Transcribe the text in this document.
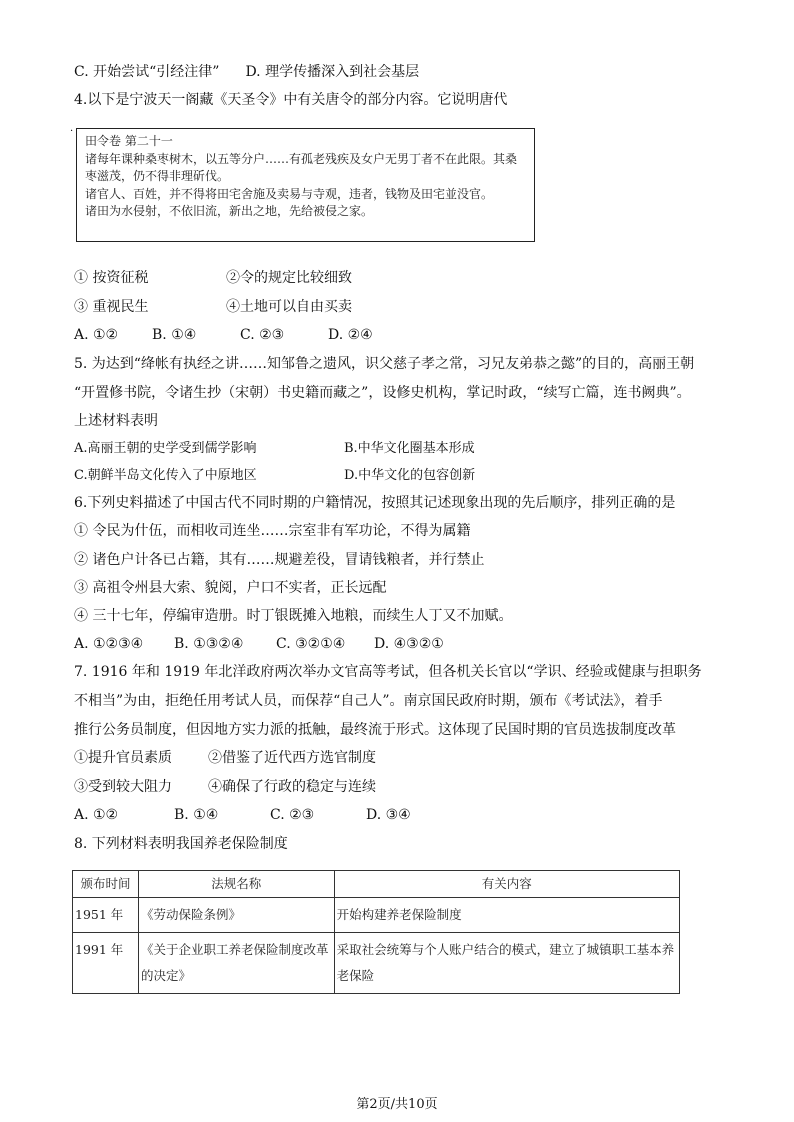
C. 开始尝试“引经注律” D. 理学传播深入到社会基层
4.以下是宁波天一阁藏《天圣令》中有关唐令的部分内容。它说明唐代
·
田令卷 第二十一
诸每年课种桑枣树木，以五等分户……有孤老残疾及女户无男丁者不在此限。其桑枣滋茂，仍不得非理斫伐。
诸官人、百姓，并不得将田宅舍施及卖易与寺观，违者，钱物及田宅並没官。
诸田为水侵射，不依旧流，新出之地，先给被侵之家。
① 按资征税	②令的规定比较细致
③ 重视民生	④土地可以自由买卖
A. ①② B. ①④	C. ②③	D. ②④
5. 为达到“绛帐有执经之讲……知邹鲁之遗风，识父慈子孝之常，习兄友弟恭之懿”的目的，高丽王朝
“开置修书院，令诸生抄（宋朝）书史籍而藏之”，设修史机构，掌记时政，“续写亡篇，连书阙典”。
上述材料表明
A.高丽王朝的史学受到儒学影响	B.中华文化圈基本形成
C.朝鲜半岛文化传入了中原地区	D.中华文化的包容创新
6.下列史料描述了中国古代不同时期的户籍情况，按照其记述现象出现的先后顺序，排列正确的是
① 令民为什伍，而相收司连坐……宗室非有军功论，不得为属籍
② 诸色户计各已占籍，其有……规避差役，冒请钱粮者，并行禁止
③ 高祖令州县大索、貌阅，户口不实者，正长远配
④ 三十七年，停编审造册。时丁银既摊入地粮，而续生人丁又不加赋。
A. ①②③④ B. ①③②④ C. ③②①④ D. ④③②①
7. 1916 年和 1919 年北洋政府两次举办文官高等考试，但各机关长官以“学识、经验或健康与担职务
不相当”为由，拒绝任用考试人员，而保荐“自己人”。南京国民政府时期，颁布《考试法》，着手
推行公务员制度，但因地方实力派的抵触，最终流于形式。这体现了民国时期的官员选拔制度改革
①提升官员素质	②借鉴了近代西方选官制度
③受到较大阻力	④确保了行政的稳定与连续
A. ①②	B. ①④	C. ②③	D. ③④
8. 下列材料表明我国养老保险制度
颁布时间	法规名称	有关内容
1951 年	《劳动保险条例》	开始构建养老保险制度
1991 年	《关于企业职工养老保险制度改革的决定》	采取社会统筹与个人账户结合的模式，建立了城镇职工基本养老保险
第2页/共10页
